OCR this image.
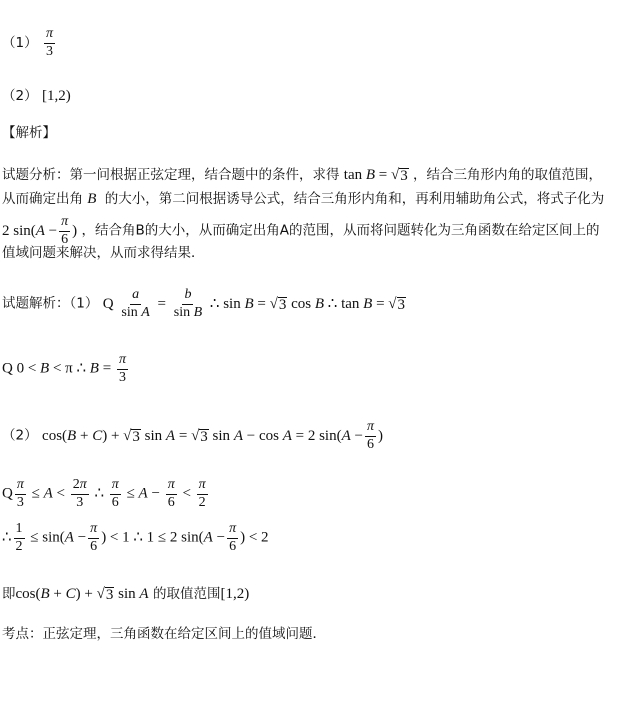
$(1) \frac{\pi}{3}$
（2） [1,2)
【解析】
试题分析：第一问根据正弦定理，结合题中的条件，求得 tan B = √ 3 ，结合三角形内角的取值范围，
从而确定出角 B 的大小，第二问根据诱导公式，结合三角形内角和，再利用辅助角公式，将式子化为
2 $\sin(A - \frac{\pi}{6}$ ) ，结合角B的大小，从而确定出角A的范围，从而将问题转化为三角函数在给定区间上的
值域问题来解决，从而求得结果．
试题解析：（1） Q $\frac{a}{\text{sin A}} = \frac{b}{\text{sin B}}$ ∴ sin B = √ 3 cos B ∴ tan B = √ 3
Q 0 < B < π ∴ $B = \frac{\pi}{3}$
（2） cos(B + C) + √ 3 sin A = √ 3 sin A − cos A = 2 $\sin(A - \frac{\pi}{6}$ )
Q $\frac{\pi}{3} \le A < \frac{2\pi}{3}$ ∴ $\frac{\pi}{6} \le A - \frac{\pi}{6} < \frac{\pi}{2}$
∴ $\frac{1}{2} \le \sin(A - \frac{\pi}{6}$ ) < 1 ∴ 1 ≤ 2 $\sin(A - \frac{\pi}{6}$ ) < 2
即cos(B + C) + √ 3 sin A 的取值范围[1,2)
考点：正弦定理，三角函数在给定区间上的值域问题．
